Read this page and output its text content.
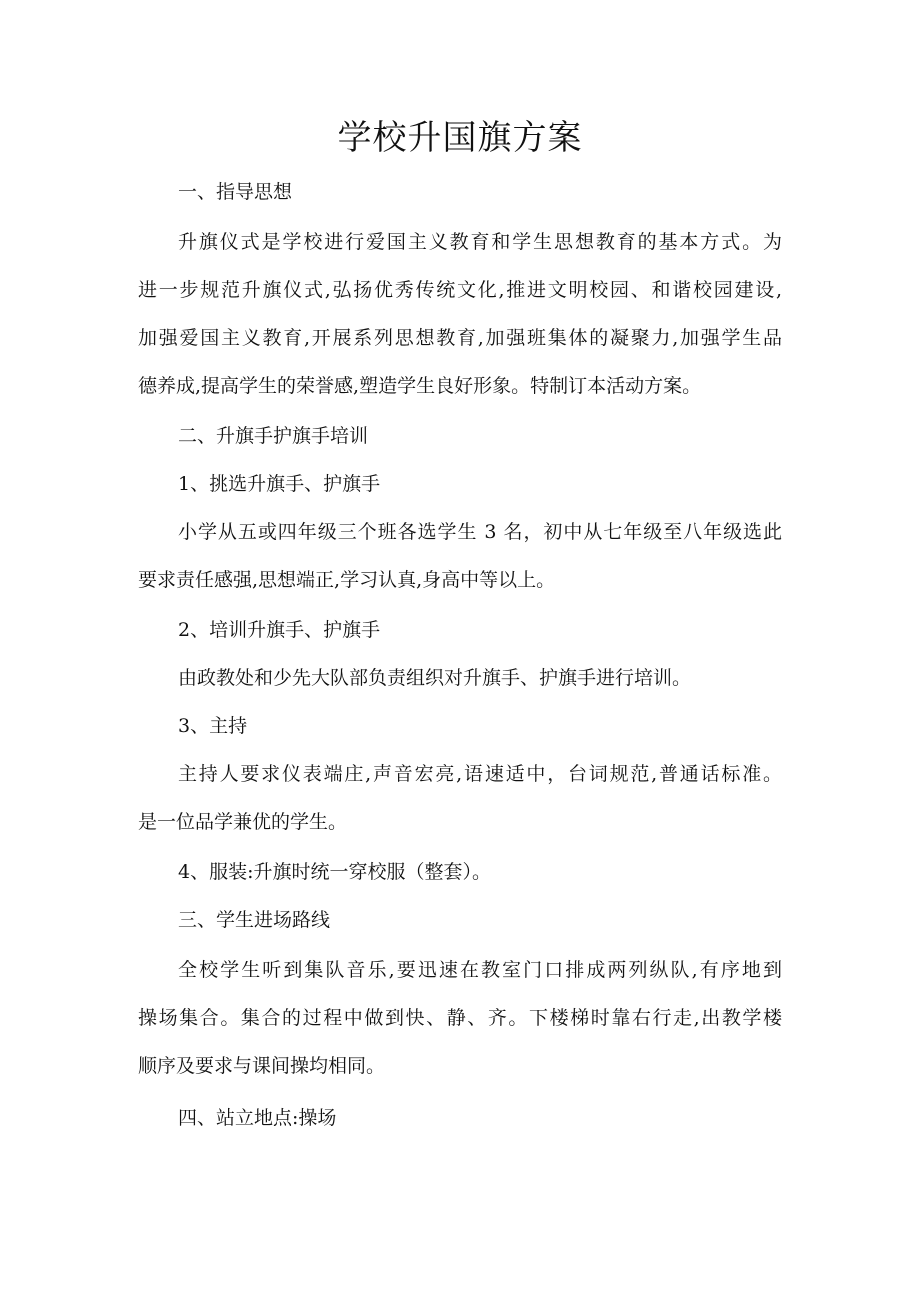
学校升国旗方案
一、指导思想
升旗仪式是学校进行爱国主义教育和学生思想教育的基本方式。为
进一步规范升旗仪式,弘扬优秀传统文化,推进文明校园、和谐校园建设,
加强爱国主义教育,开展系列思想教育,加强班集体的凝聚力,加强学生品
德养成,提高学生的荣誉感,塑造学生良好形象。特制订本活动方案。
二、升旗手护旗手培训
1、挑选升旗手、护旗手
小学从五或四年级三个班各选学生 3 名，初中从七年级至八年级选此
要求责任感强,思想端正,学习认真,身高中等以上。
2、培训升旗手、护旗手
由政教处和少先大队部负责组织对升旗手、护旗手进行培训。
3、主持
主持人要求仪表端庄,声音宏亮,语速适中，台词规范,普通话标准。
是一位品学兼优的学生。
4、服装:升旗时统一穿校服（整套）。
三、学生进场路线
全校学生听到集队音乐,要迅速在教室门口排成两列纵队,有序地到
操场集合。集合的过程中做到快、静、齐。下楼梯时靠右行走,出教学楼
顺序及要求与课间操均相同。
四、站立地点:操场
